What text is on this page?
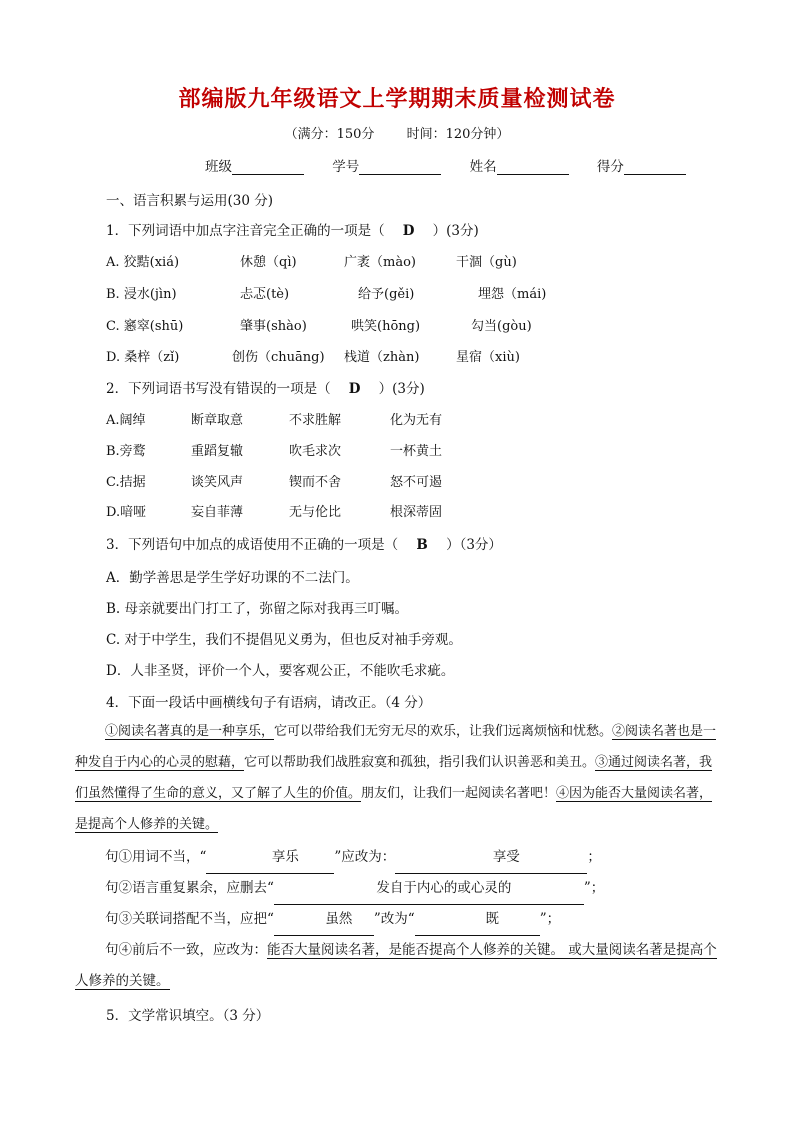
部编版九年级语文上学期期末质量检测试卷
（满分：150分 时间：120分钟）
班级	学号	姓名	得分
一、语言积累与运用(30 分)
1．下列词语中加点字注音完全正确的一项是（ D ）(3分)
A. 狡黠(xiá)	休憩（qì)	广袤（mào)	干涸（gù)
B. 浸水(jìn)	忐忑(tè)	给予(gěi)	埋怨（mái)
C. 窸窣(shū)	肇事(shào)	哄笑(hōng)	勾当(gòu)
D. 桑梓（zǐ)	创伤（chuāng) 栈道（zhàn)	星宿（xiù)
2．下列词语书写没有错误的一项是（ D ）(3分)
A.阔绰	断章取意	不求胜解	化为无有
B.旁鹜	重蹈复辙	吹毛求次	一杯黄土
C.拮据	谈笑风声	锲而不舍	怒不可遏
D.喑哑	妄自菲薄	无与伦比	根深蒂固
3．下列语句中加点的成语使用不正确的一项是（ B ）（3分）
A．勤学善思是学生学好功课的不二法门。
B. 母亲就要出门打工了，弥留之际对我再三叮嘱。
C. 对于中学生，我们不提倡见义勇为，但也反对袖手旁观。
D．人非圣贤，评价一个人，要客观公正，不能吹毛求疵。
4．下面一段话中画横线句子有语病，请改正。（4 分）
①阅读名著真的是一种享乐，它可以带给我们无穷无尽的欢乐，让我们远离烦恼和忧愁。②阅读名著也是一种发自于内心的心灵的慰藉，它可以帮助我们战胜寂寞和孤独，指引我们认识善恶和美丑。③通过阅读名著，我们虽然懂得了生命的意义，又了解了人生的价值。朋友们，让我们一起阅读名著吧！④因为能否大量阅读名著，是提高个人修养的关键。
句①用词不当，“	享乐	”应改为：	享受	；
句②语言重复累余，应删去“	发自于内心的或心灵的	”；
句③关联词搭配不当，应把“	虽然 ”改为“	既	”；
句④前后不一致，应改为：能否大量阅读名著，是能否提高个人修养的关键。 或大量阅读名著是提高个人修养的关键。
5．文学常识填空。（3 分）
